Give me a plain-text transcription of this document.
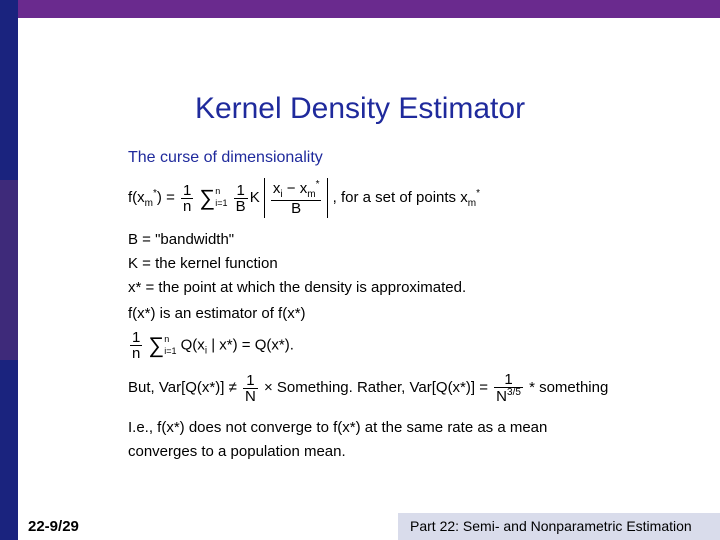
Kernel Density Estimator
The curse of dimensionality
$f(x_m^*) = \frac{1}{n} \sum n$
$i=1 \frac{1}{B}$ K $\frac{x_i - x_m^*}{B}$ , for a set of points $x_m^*$
B = "bandwidth"
K = the kernel function
x* = the point at which the density is approximated.
f(x*) is an estimator of f(x*)
$\frac{1}{n} \sum n$
i=1 $Q(x_i$ | x*) = Q(x*).
But, $Var[Q(x*)] \ne \frac{1}{N}$ × Something. Rather, $Var[Q(x*)] = \frac{1}{N^{3/5}}$ * something
I.e., f(x*) does not converge to f(x*) at the same rate as a mean
converges to a population mean.
22-9/29	Part 22: Semi- and Nonparametric Estimation
